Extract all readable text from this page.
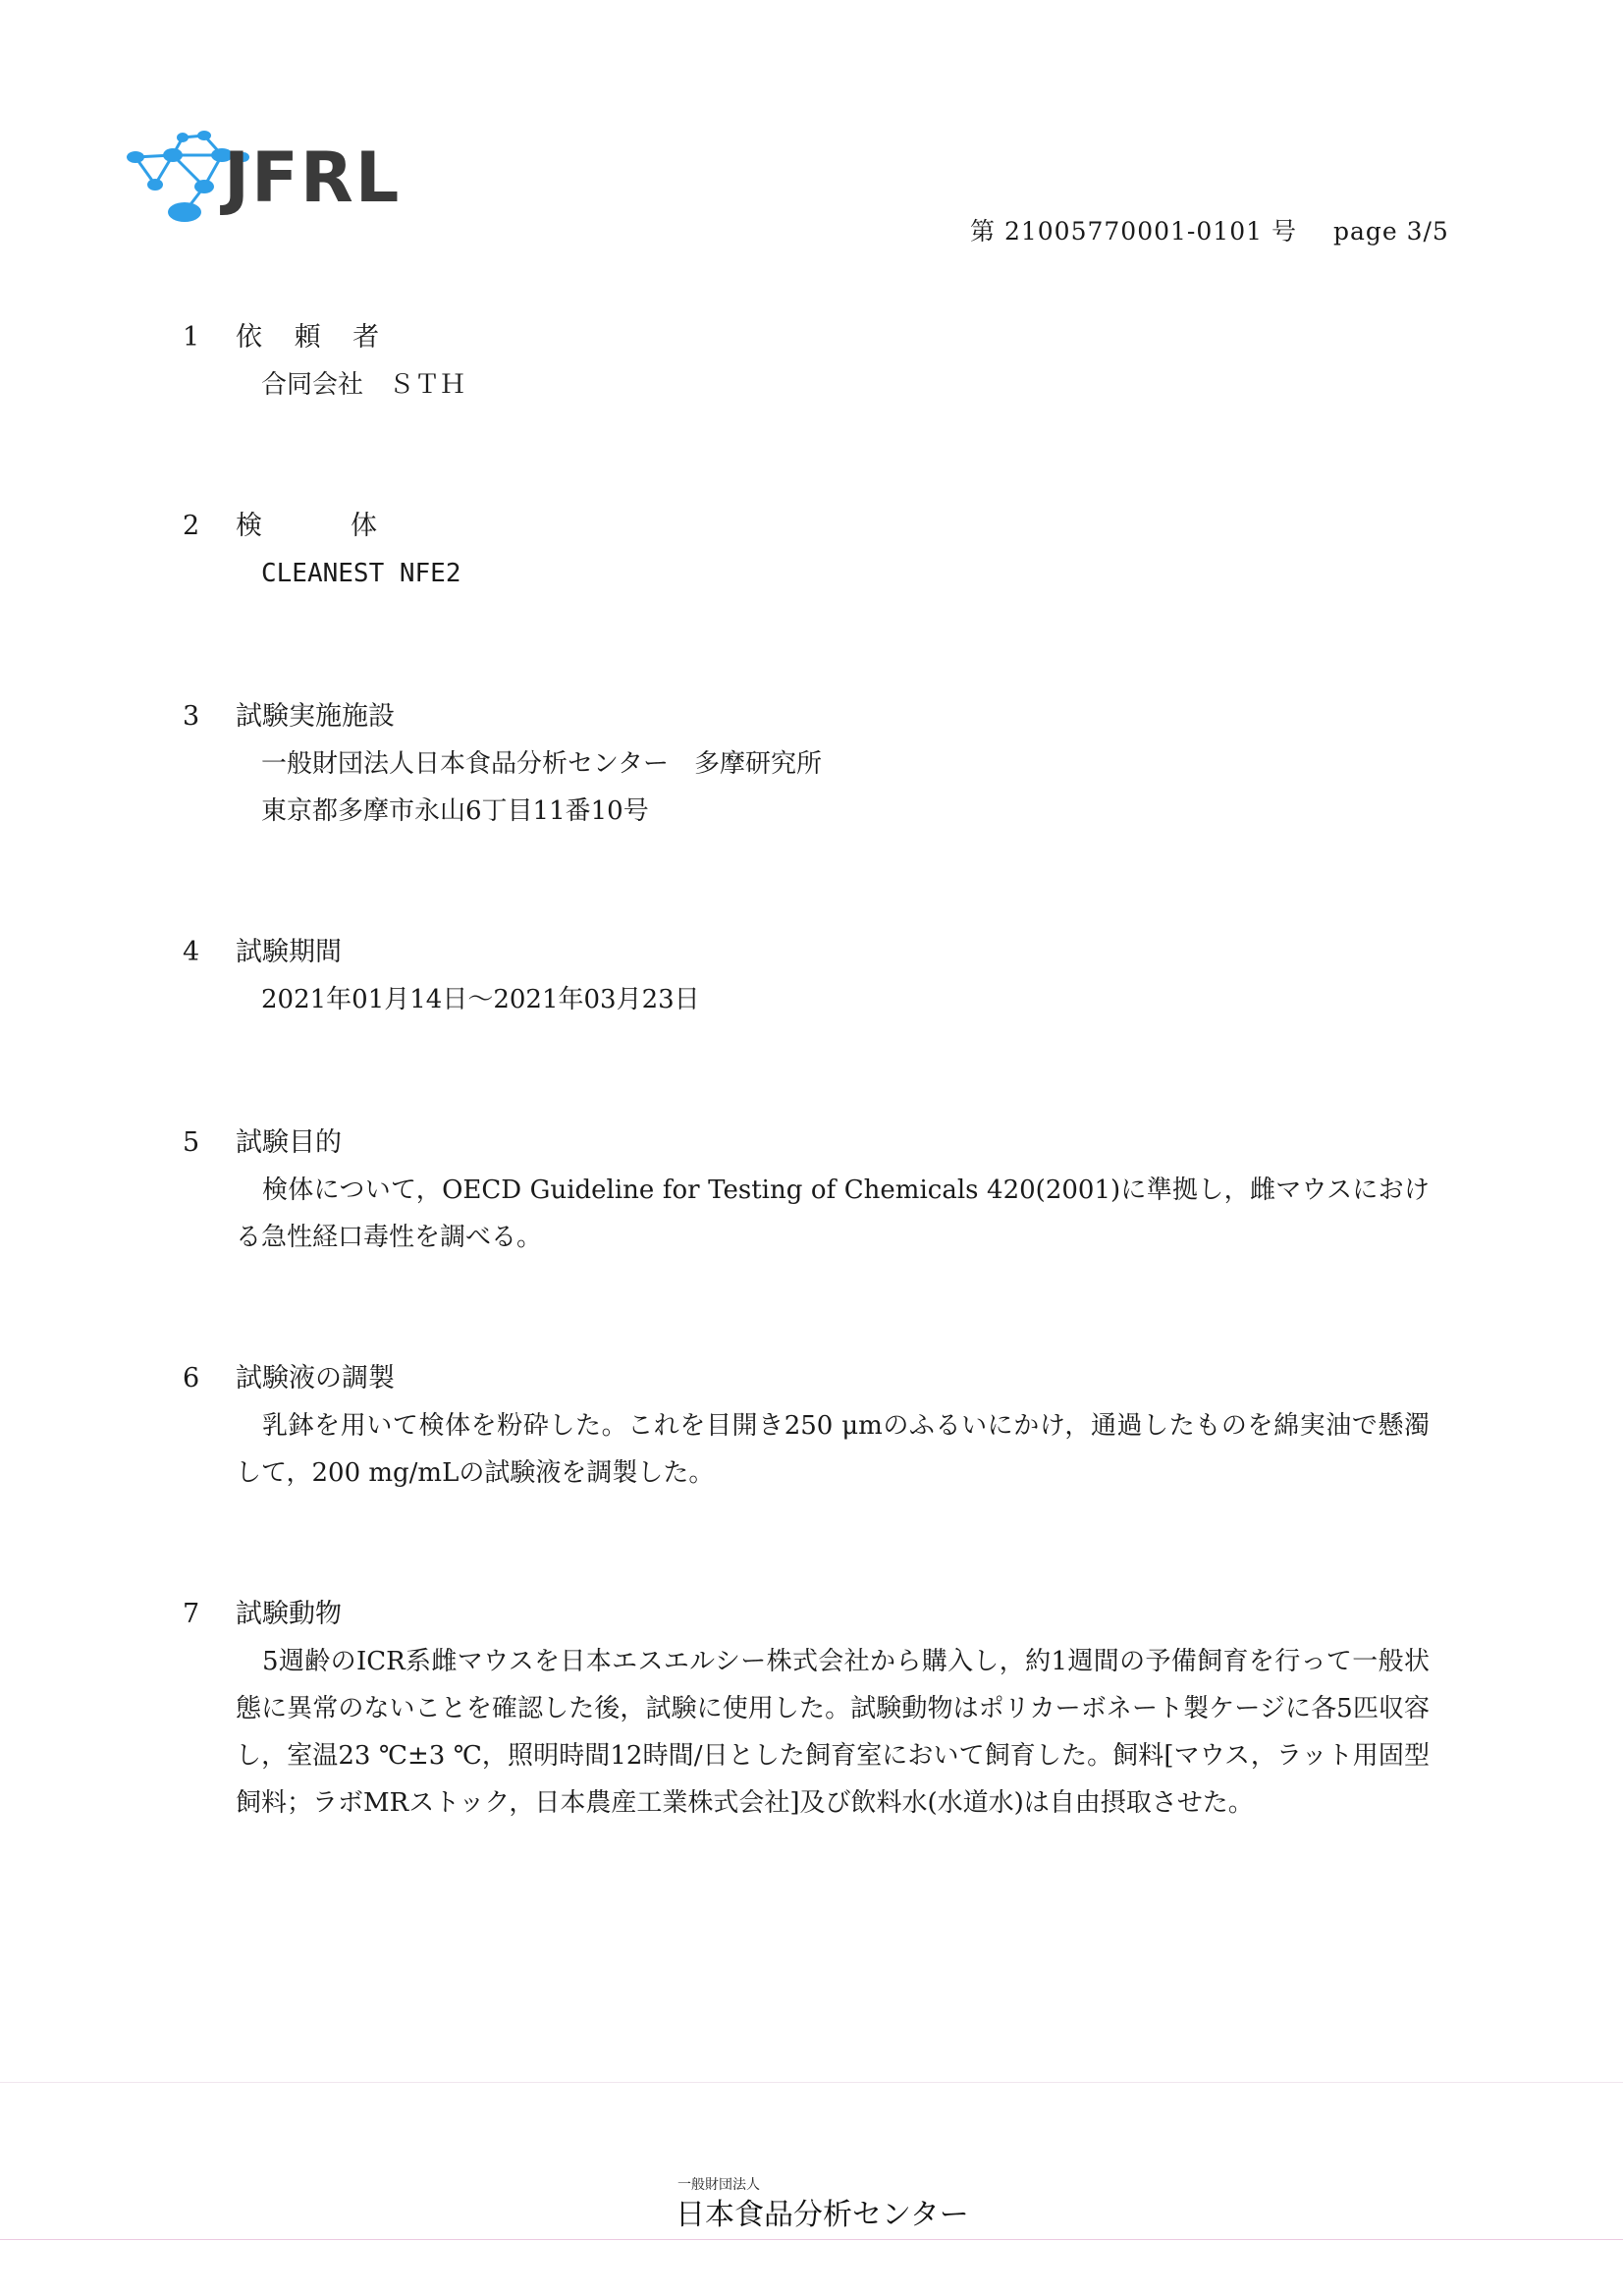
JFRL
第 21005770001-0101 号 page 3/5
1 依 頼 者
合同会社　ＳＴＨ
2 検　　体
CLEANEST NFE2
3 試験実施施設
一般財団法人日本食品分析センター　多摩研究所
東京都多摩市永山6丁目11番10号
4 試験期間
2021年01月14日～2021年03月23日
5 試験目的
検体について，OECD Guideline for Testing of Chemicals 420(2001)に準拠し，雌マウスにおける急性経口毒性を調べる。
6 試験液の調製
乳鉢を用いて検体を粉砕した。これを目開き250 μmのふるいにかけ，通過したものを綿実油で懸濁して，200 mg/mLの試験液を調製した。
7 試験動物
5週齢のICR系雌マウスを日本エスエルシー株式会社から購入し，約1週間の予備飼育を行って一般状態に異常のないことを確認した後，試験に使用した。試験動物はポリカーボネート製ケージに各5匹収容し，室温23 ℃±3 ℃，照明時間12時間/日とした飼育室において飼育した。飼料[マウス，ラット用固型飼料；ラボMRストック，日本農産工業株式会社]及び飲料水(水道水)は自由摂取させた。
一般財団法人
日本食品分析センター
